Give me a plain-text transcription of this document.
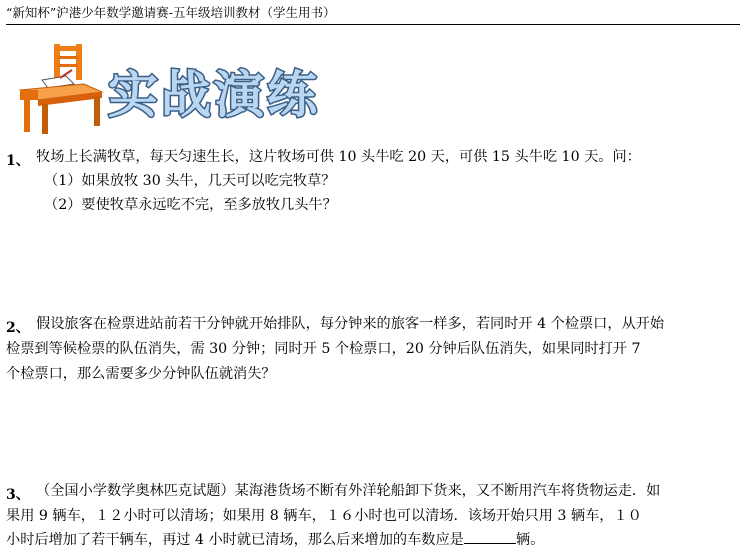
“新知杯”沪港少年数学邀请赛-五年级培训教材（学生用书）
实战演练
1、 牧场上长满牧草，每天匀速生长，这片牧场可供 10 头牛吃 20 天，可供 15 头牛吃 10 天。问：
（1）如果放牧 30 头牛，几天可以吃完牧草？
（2）要使牧草永远吃不完，至多放牧几头牛？
2、 假设旅客在检票进站前若干分钟就开始排队，每分钟来的旅客一样多，若同时开 4 个检票口，从开始
检票到等候检票的队伍消失，需 30 分钟；同时开 5 个检票口，20 分钟后队伍消失，如果同时打开 7
个检票口，那么需要多少分钟队伍就消失？
3、 （全国小学数学奥林匹克试题）某海港货场不断有外洋轮船卸下货来，又不断用汽车将货物运走．如
果用 9 辆车，１２小时可以清场；如果用 8 辆车，１６小时也可以清场．该场开始只用 3 辆车，１０
小时后增加了若干辆车，再过 4 小时就已清场，那么后来增加的车数应是	辆。
